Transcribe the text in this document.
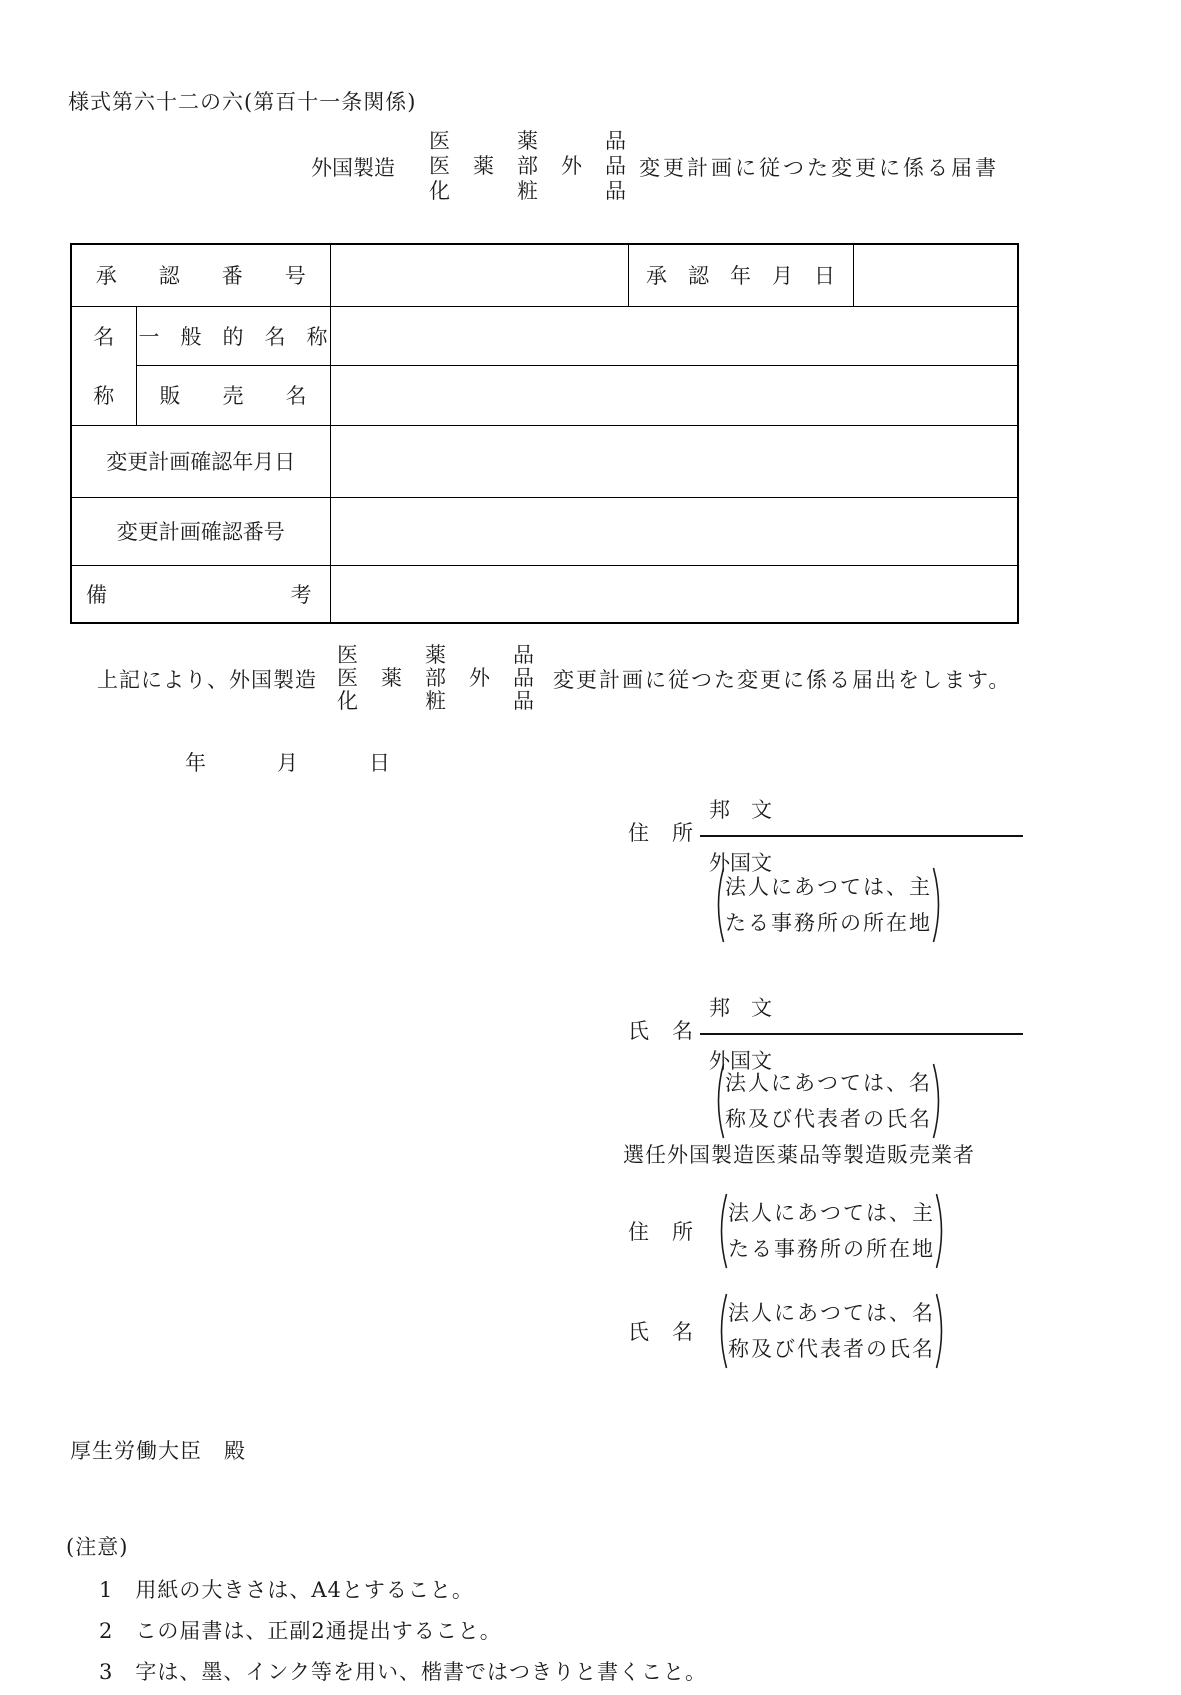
様式第六十二の六(第百十一条関係)
外国製造
医　　　薬　　　品
医　薬　部　外　品
化　　　粧　　　品
変更計画に従つた変更に係る届書
承　　認　　番　　号			承　認　年　月　日	

名
称	一　般　的　名　称			
	販　　売　　名			
変更計画確認年月日				
変更計画確認番号				

備 考				

上記により、外国製造
医　　　薬　　　品
医　薬　部　外　品
化　　　粧　　　品
変更計画に従つた変更に係る届出をします。
年　　　月　　　日
住　所 $\frac{\text{邦　文}}{\text{外国文}}$
法人にあつては、主
たる事務所の所在地
氏　名 $\frac{\text{邦　文}}{\text{外国文}}$
法人にあつては、名
称及び代表者の氏名
選任外国製造医薬品等製造販売業者
住　所
法人にあつては、主
たる事務所の所在地
氏　名
法人にあつては、名
称及び代表者の氏名
厚生労働大臣　殿
(注意)
1　用紙の大きさは、A4とすること。
2　この届書は、正副2通提出すること。
3　字は、墨、インク等を用い、楷書ではつきりと書くこと。
